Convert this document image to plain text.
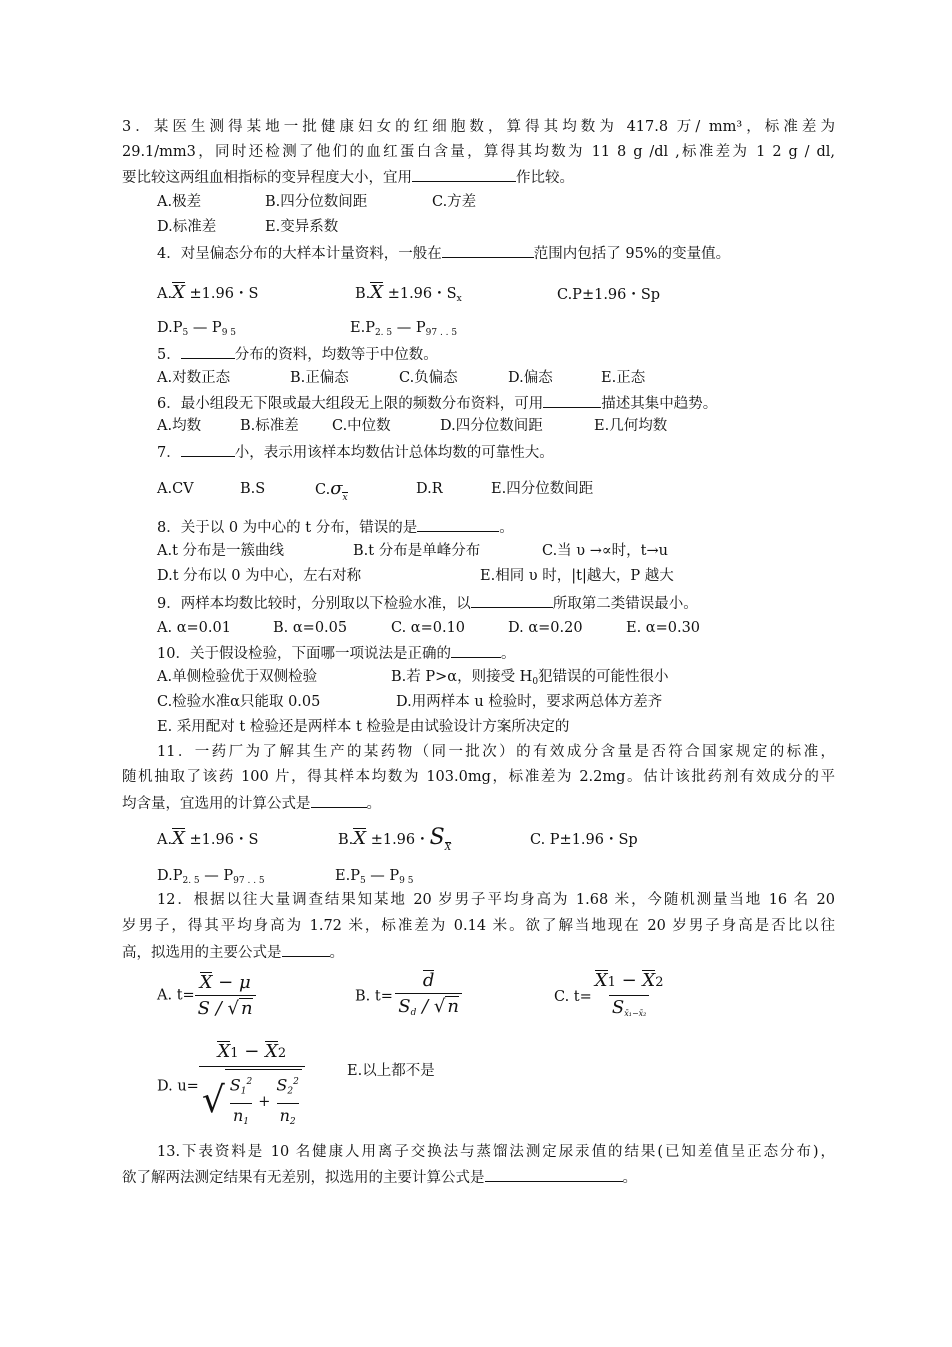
3．某医生测得某地一批健康妇女的红细胞数，算得其均数为 417.8 万/ mm³，标准差为
29.1/mm3，同时还检测了他们的血红蛋白含量，算得其均数为 11 8 g /dl ,标准差为 1 2 g / dl,
要比较这两组血相指标的变异程度大小，宜用	作比较。
A.极差	B.四分位数间距	C.方差
D.标准差	E.变异系数
4．对呈偏态分布的大样本计量资料，一般在	范围内包括了 95%的变量值。
A.X ±1.96・S	B.X ±1.96・$S_x$	C.P±1.96・Sp
$D.P_5$ — $P_{9 5}$	$E.P_{2. 5}$ — $P_{97 . . 5}$
5．	分布的资料，均数等于中位数。
A.对数正态	B.正偏态	C.负偏态	D.偏态	E.正态
6．最小组段无下限或最大组段无上限的频数分布资料，可用	描述其集中趋势。
A.均数	B.标准差 C.中位数	D.四分位数间距	E.几何均数
7．	小，表示用该样本均数估计总体均数的可靠性大。
A.CV	B.S	$C.\sigma_x$
D.R	E.四分位数间距
8．关于以 0 为中心的 t 分布，错误的是	。
A.t 分布是一簇曲线	B.t 分布是单峰分布	C.当 υ →∝时，t→u
D.t 分布以 0 为中心，左右对称	E.相同 υ 时，|t|越大，P 越大
9．两样本均数比较时，分别取以下检验水准，以	所取第二类错误最小。
A. α=0.01	B. α=0.05	C. α=0.10	D. α=0.20	E. α=0.30
10．关于假设检验，下面哪一项说法是正确的	。
A.单侧检验优于双侧检验	B.若 P>α，则接受 $H_0$犯错误的可能性很小
C.检验水准α只能取 0.05	D.用两样本 u 检验时，要求两总体方差齐
E. 采用配对 t 检验还是两样本 t 检验是由试验设计方案所决定的
11．一药厂为了解其生产的某药物（同一批次）的有效成分含量是否符合国家规定的标准，
随机抽取了该药 100 片，得其样本均数为 103.0mg，标准差为 2.2mg。估计该批药剂有效成分的平
均含量，宜选用的计算公式是	。
A.X ±1.96・S	B.X ±1.96・$S_X$	C. P±1.96・Sp
$D.P_{2. 5}$ — $P_{97 . . 5}$	$E.P_5$ — $P_{9 5}$
12．根据以往大量调查结果知某地 20 岁男子平均身高为 1.68 米，今随机测量当地 16 名 20
岁男子，得其平均身高为 1.72 米，标准差为 0.14 米。欲了解当地现在 20 岁男子身高是否比以往
高，拟选用的主要公式是	。
A. $t= \frac{X - \mu}{S / √ n}$	B. $t= \frac{d}{S_d / √ n}$	C. $t= \frac{X1 - X2}{S_{x̄_1-x̄_2}}$
D. $u= \frac{X1 - X2}{√ \frac{S_1^2}{n_1} + \frac{S_2^2}{n_2}}$	E.以上都不是
13.下表资料是 10 名健康人用离子交换法与蒸馏法测定尿汞值的结果(已知差值呈正态分布)，
欲了解两法测定结果有无差别，拟选用的主要计算公式是	。
